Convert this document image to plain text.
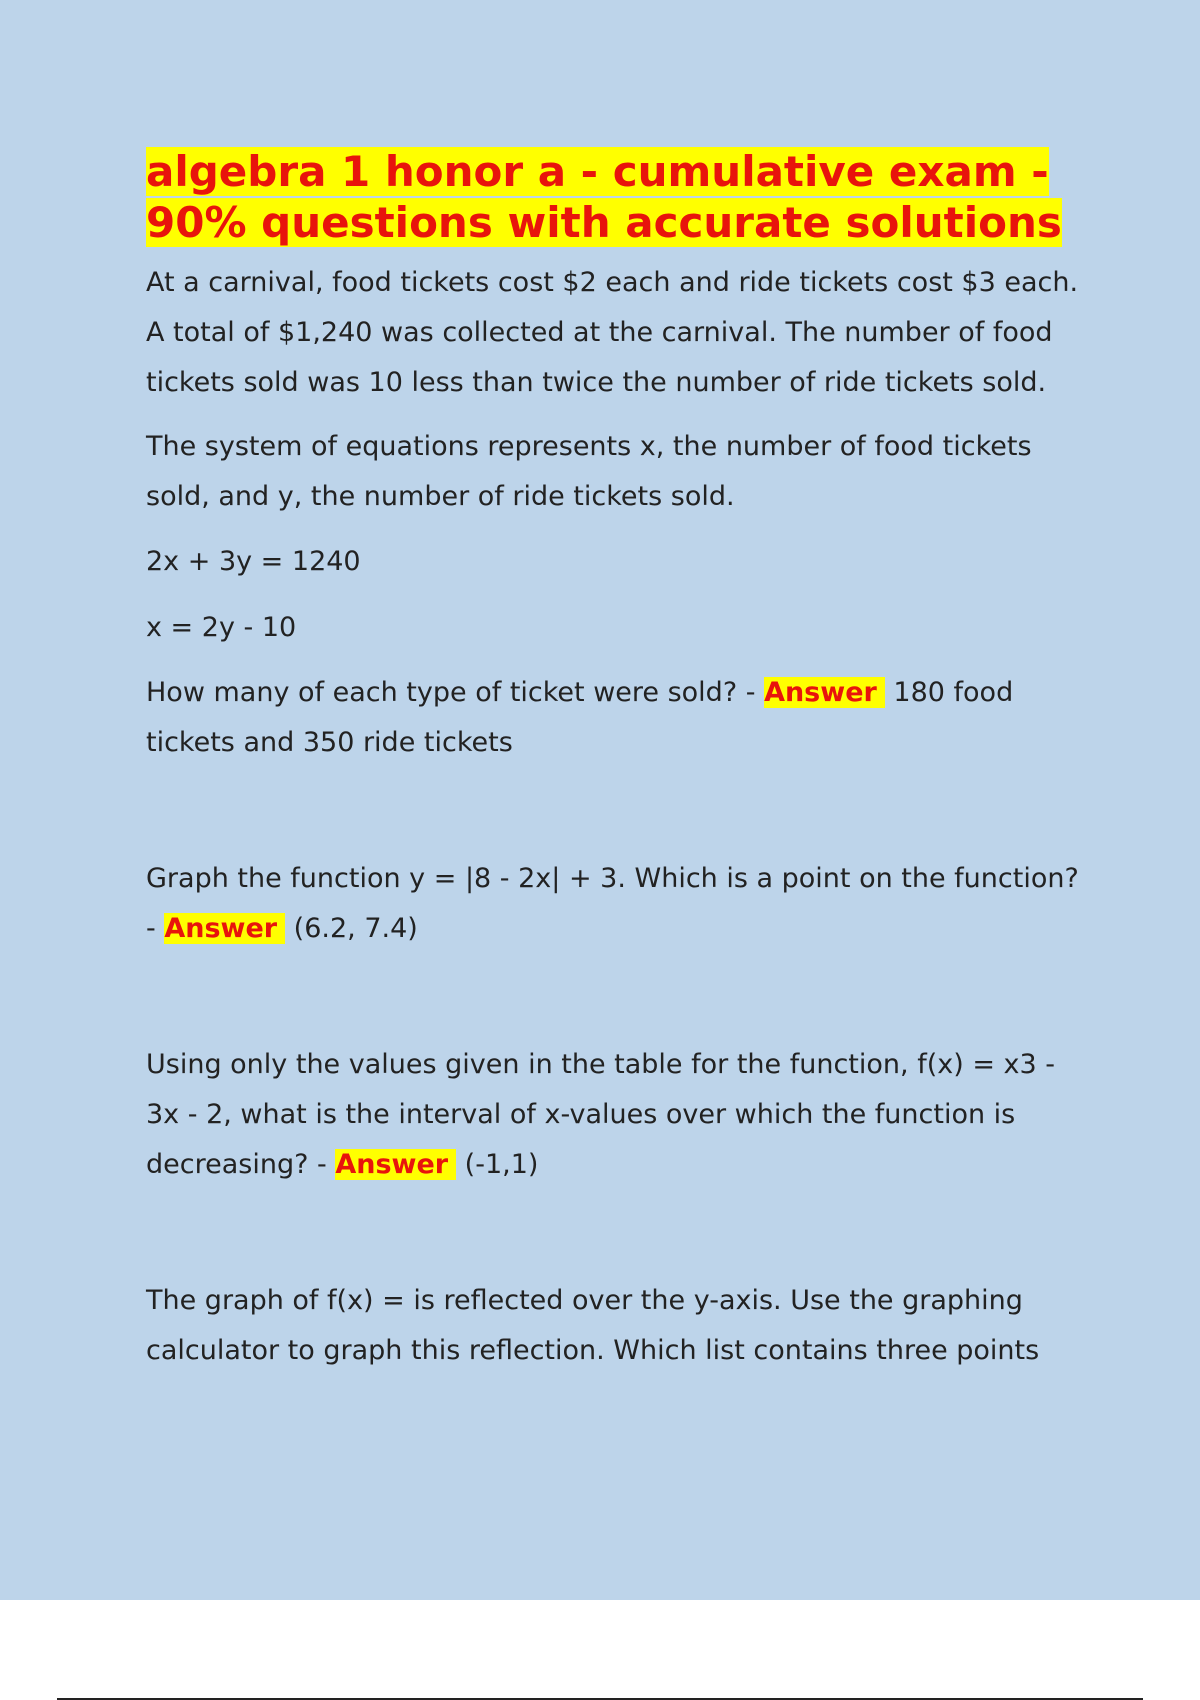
algebra 1 honor a - cumulative exam - 90% questions with accurate solutions

At a carnival, food tickets cost $2 each and ride tickets cost $3 each. A total of $1,240 was collected at the carnival. The number of food tickets sold was 10 less than twice the number of ride tickets sold.

The system of equations represents x, the number of food tickets sold, and y, the number of ride tickets sold.

2x + 3y = 1240

x = 2y - 10

How many of each type of ticket were sold? - Answer 180 food tickets and 350 ride tickets

Graph the function y = |8 - 2x| + 3. Which is a point on the function? - Answer (6.2, 7.4)

Using only the values given in the table for the function, f(x) = x3 - 3x - 2, what is the interval of x-values over which the function is decreasing? - Answer (-1,1)

The graph of f(x) = is reflected over the y-axis. Use the graphing calculator to graph this reflection. Which list contains three points
